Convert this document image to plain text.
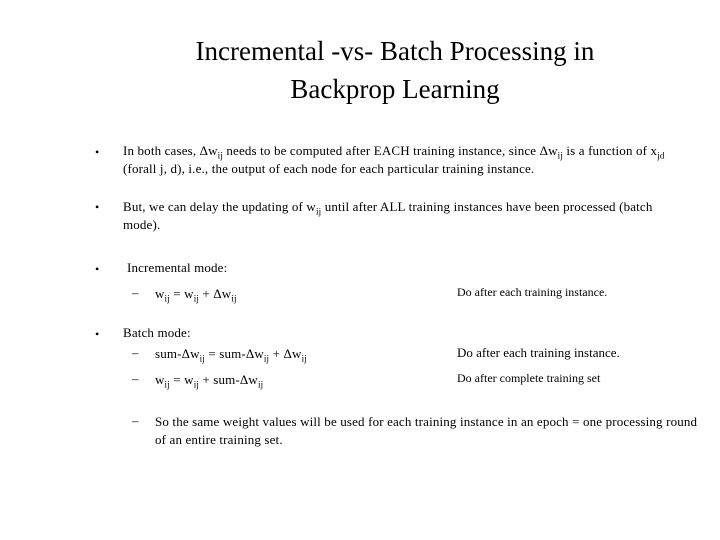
Incremental -vs- Batch Processing in
Backprop Learning
• In both cases, $\Delta w_{ij}$ needs to be computed after EACH training instance, since $\Delta w_{ij}$ is a function of $x_{jd}$ (forall j, d), i.e., the output of each node for each particular training instance.
• But, we can delay the updating of $w_{ij}$ until after ALL training instances have been processed (batch mode).
• Incremental mode:
– $w_{ij} = w_{ij} + \Delta w_{ij}$	Do after each training instance.
• Batch mode:
– sum-$\Delta w_{ij} = sum-\Delta w_{ij} + \Delta w_{ij}$	Do after each training instance.
– $w_{ij} = w_{ij} + sum-\Delta w_{ij}$	Do after complete training set
– So the same weight values will be used for each training instance in an epoch = one processing round of an entire training set.
